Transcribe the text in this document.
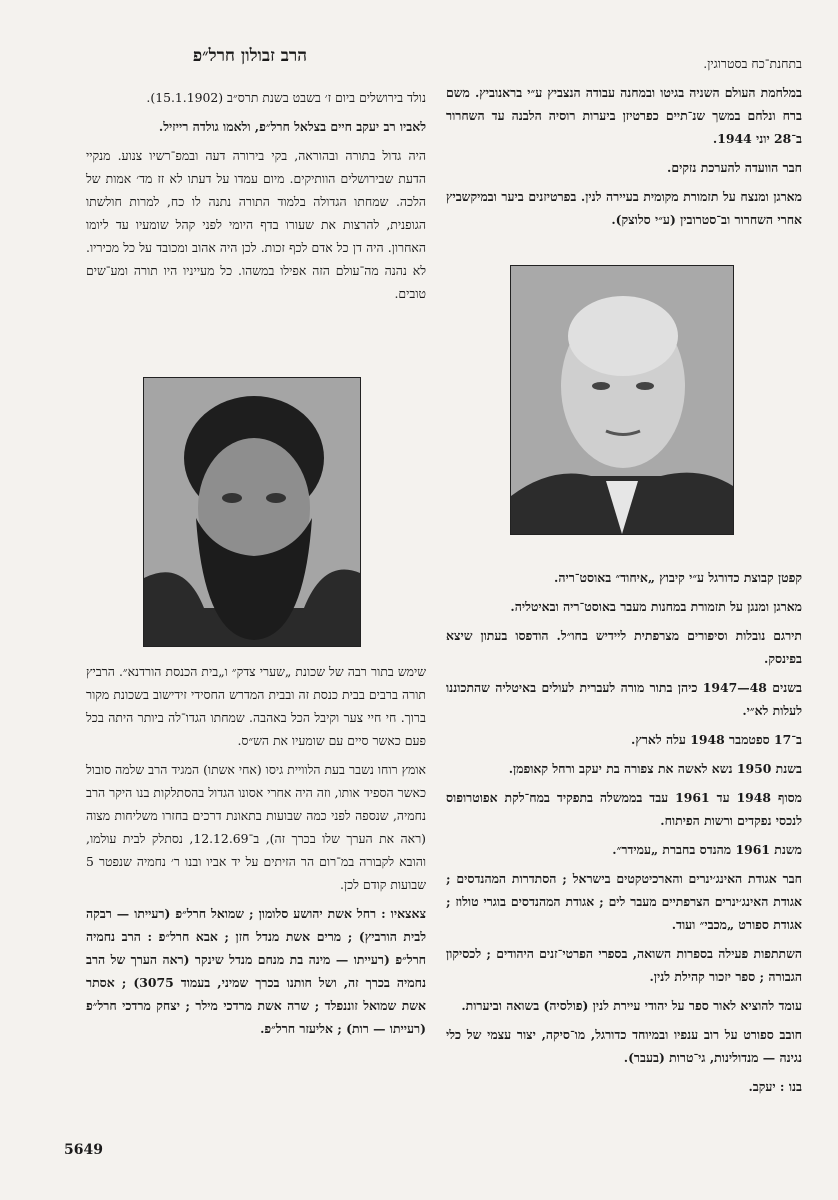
הרב זבולון חרל״פ

נולד בירושלים ביום ז׳ בשבט בשנת תרס״ב (15.1.1902).

לאביו רב יעקב חיים בצלאל חרל״פ, ולאמו גולדה רייזיל.

היה גדול בתורה ובהוראה, בקי בירורה דעה ובמפ־רשיו צנוע. מנקיי הדעת שבירושלים הוותיקים. מיום עמדו על דעתו לא זז מד׳ אמות של הלכה. שמחתו הגדולה בלמוד התורה נתנה לו כח, למרות חולשתו הגופנית, להרצות את שעורו בדף היומי לפני קהל שומעיו עד ליומו האחרון. היה דן כל אדם לכף זכות. לכן היה אהוב ומכובד על כל מכיריו. לא נהנה מה־עולם הזה אפילו במשהו. כל מעייניו היו תורה ומע־שים טובים.

שימש בתור רבה של שכונת „שערי צדק״ ו„בית הכנסת הורדנא״. הרביץ תורה ברבים בבית כנסת זה ובבית המדרש החסידי זידישוב בשכונת מקור ברוך. חי חיי צער וקיבל הכל באהבה. שמחתו הגדו־לה ביותר היתה בכל פעם כאשר סיים עם שומעיו את הש״ס.

אומץ רוחו נשבר בעת הלוויית גיסו (אחי אשתו) המגיד הרב שלמה סובול כאשר הספיד אותו, וזה היה אחרי אסונו הגדול בהסתלקות בנו היקר הרב נחמיה, שנספה לפני כמה שבועות בתאונת דרכים בחזרו משליחות מצוה (ראה את הערך שלו בכרך זה), ב־12.12.69, נסתלק לבית עולמו, והובא לקבורה במ־רום הר הזיתים על יד אביו ובנו ר׳ נחמיה שנפטר 5 שבועות קודם לכן.

צאצאיו : רחל אשת יהושע סלומון ; שמואל חרל״פ (רעייתו — רבקה לבית הורביץ) ; מרים אשת מנדל חזן ; אבא חרל״פ : הרב נחמיה חרל״פ (רעייתו — מינה בת מנחם מנדל שינקר (ראה הערך של הרב נחמיה בכרך זה, ושל חותנו בכרך שמיני, בעמוד 3075) ; אסתר אשת שמואל זוננפלד ; שרה אשת מרדכי מילר ; יצחק מרדכי חרל״פ (רעייתו — רות) ; אליעזר חרל״פ.

בתחנת־כח בסטרוגין.

במלחמת העולם השניה בגיטו ובמחנה עבודה הנצביץ ע״י בראנוביץ. משם ברח ונלחם במשך שנ־תיים כפרטיזן ביערות רוסיה הלבנה עד השחרור ב־28 יוני 1944.

חבר הוועדה להערכת נזקים.

מארגן ומנצח על תזמורת מקומית בעיירה לנין. בפרטיזנים ביער ובמיקשביץ אחרי השחרור וב־סטרובין (ע״י סלוצק).

קפטן קבוצת כדורגל ע״י קיבוץ „איחוד״ באוסט־ריה.

מארגן ומנגן על תזמורת במחנות מעבר באוסט־ריה ובאיטליה.

תירגם נובלות וסיפורים מצרפתית ליידיש בחו״ל. הודפסו בעתון שיצא בפינסק.

בשנים 48—1947 כיהן בתור מורה לעברית לעולים באיטליה שהתכוננו לעלות לא״י.

ב־17 ספטמבר 1948 עלה לארץ.

בשנת 1950 נשא לאשה את צפורה בת יעקב ורחל קאופמן.

מסוף 1948 עד 1961 עבד בממשלה בתפקיד במח־לקת אפוטרופוס לנכסי נפקדים ורשות הפיתוח.

משנת 1961 מהנדס בחברת „עמידר״.

חבר אגודת האינג׳ינרים והארכיטקטים בישראל ; הסתדרות המהנדסים ; אגודת האינג׳ינרים הצרפתיים מעבר לים ; אגודת המהנדסים בוגרי טולוז ; אגודת ספורט „מכבי״ ועוד.

השתתפות פעילה בספרות השואה, בספרי הפרטי־זנים היהודים ; לכסיקון הגבורה ; ספר יזכור קהילת לנין.

עומד להוציא לאור ספר על יהודי עיירת לנין (פולסיה) בשואה וביערות.

חובב ספורט על רוב ענפיו ובמיוחד כדורגל, מו־סיקה, יצור עצמי של כלי נגינה — מנדולינות, גי־טרות (בעבר).

בנו : יעקב.

5649
